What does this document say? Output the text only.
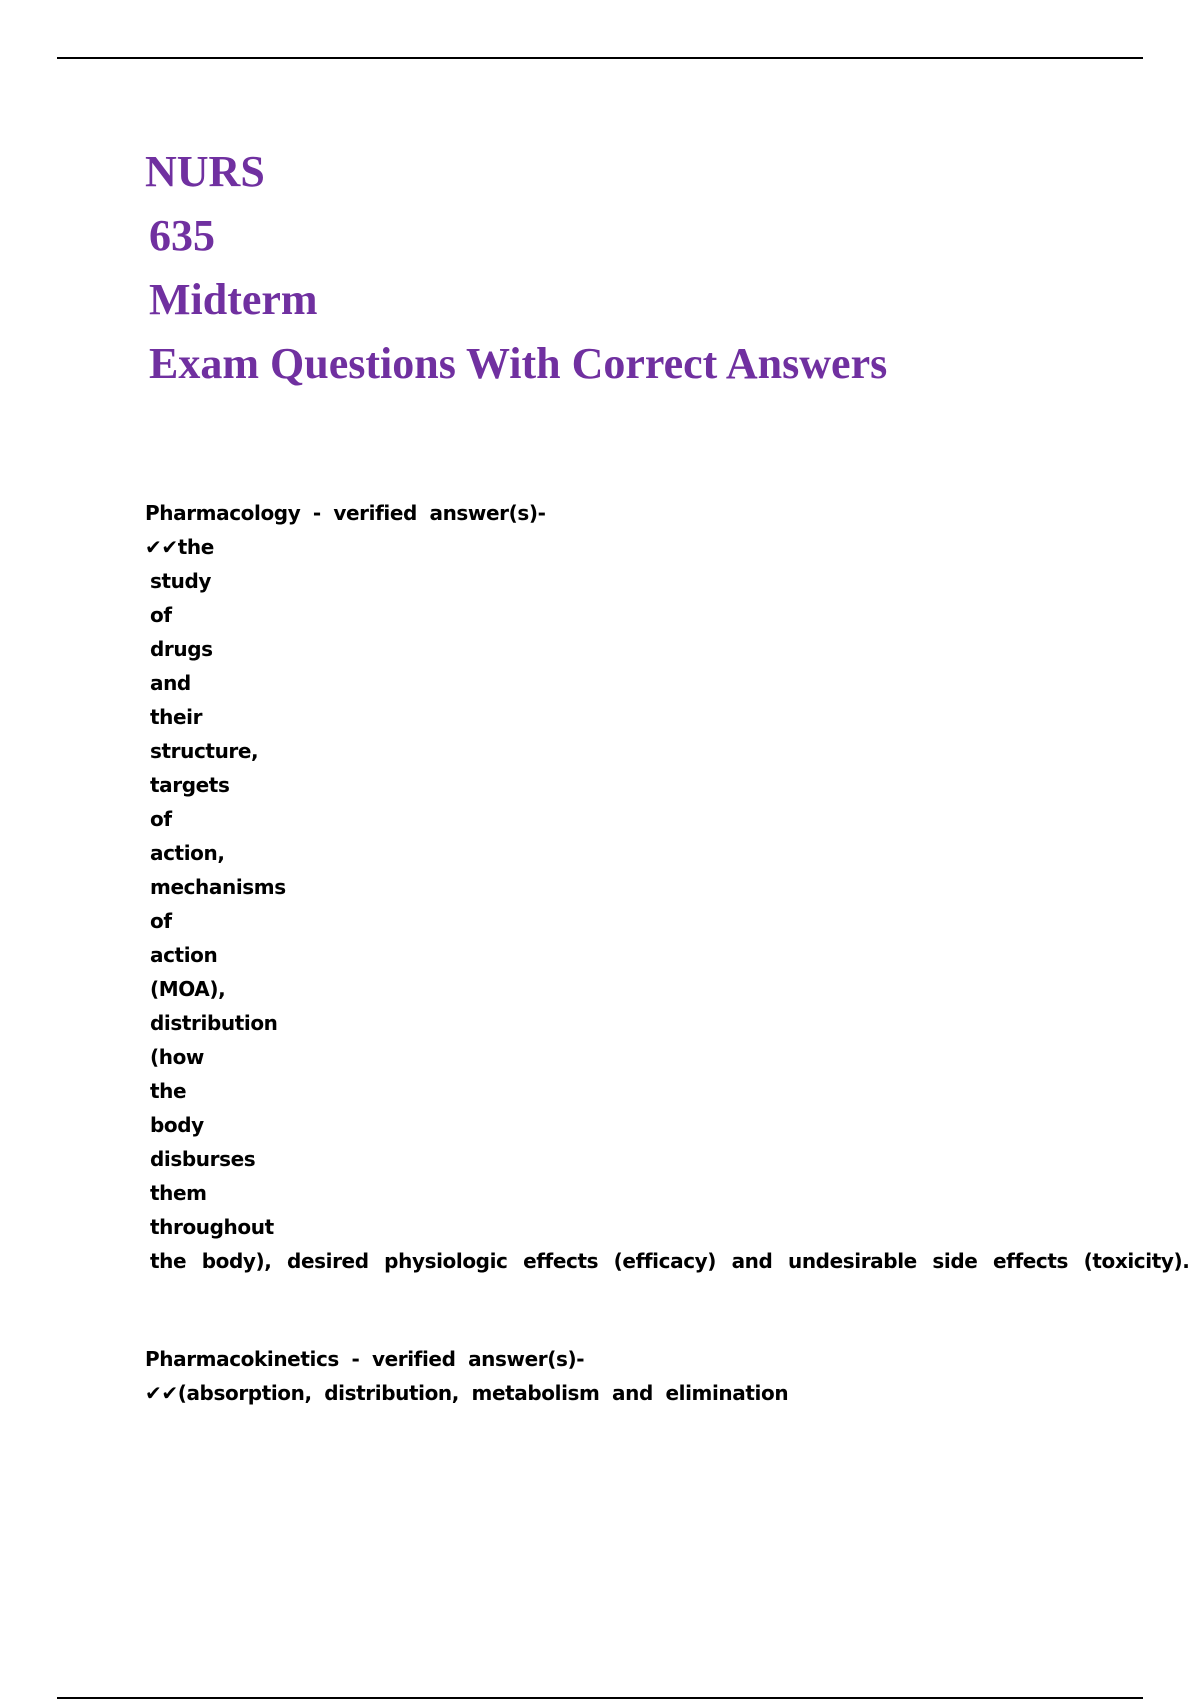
NURS
635
Midterm
Exam Questions With Correct Answers
Pharmacology - verified answer(s)-
✔✔the
study
of
drugs
and
their
structure,
targets
of
action,
mechanisms
of
action
(MOA),
distribution
(how
the
body
disburses
them
throughout
the body), desired physiologic effects (efficacy) and undesirable side effects (toxicity).
Pharmacokinetics - verified answer(s)-
✔✔(absorption, distribution, metabolism and elimination
